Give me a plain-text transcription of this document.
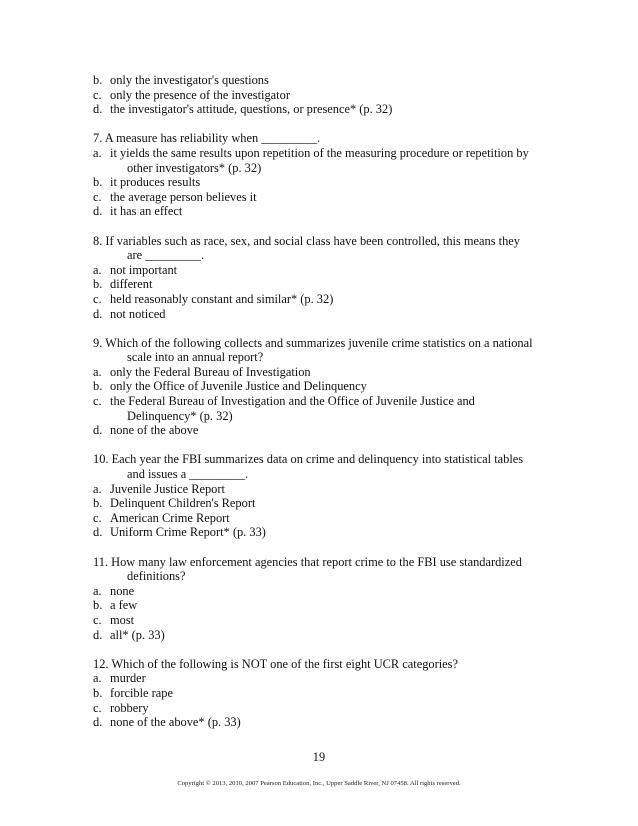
b. only the investigator's questions
c. only the presence of the investigator
d. the investigator's attitude, questions, or presence* (p. 32)
7. A measure has reliability when _________.
a. it yields the same results upon repetition of the measuring procedure or repetition by
other investigators* (p. 32)
b. it produces results
c. the average person believes it
d. it has an effect
8. If variables such as race, sex, and social class have been controlled, this means they
are _________.
a. not important
b. different
c. held reasonably constant and similar* (p. 32)
d. not noticed
9. Which of the following collects and summarizes juvenile crime statistics on a national
scale into an annual report?
a. only the Federal Bureau of Investigation
b. only the Office of Juvenile Justice and Delinquency
c. the Federal Bureau of Investigation and the Office of Juvenile Justice and
Delinquency* (p. 32)
d. none of the above
10. Each year the FBI summarizes data on crime and delinquency into statistical tables
and issues a _________.
a. Juvenile Justice Report
b. Delinquent Children's Report
c. American Crime Report
d. Uniform Crime Report* (p. 33)
11. How many law enforcement agencies that report crime to the FBI use standardized
definitions?
a. none
b. a few
c. most
d. all* (p. 33)
12. Which of the following is NOT one of the first eight UCR categories?
a. murder
b. forcible rape
c. robbery
d. none of the above* (p. 33)
19
Copyright © 2013, 2010, 2007 Pearson Education, Inc., Upper Saddle River, NJ 07458. All rights reserved.
